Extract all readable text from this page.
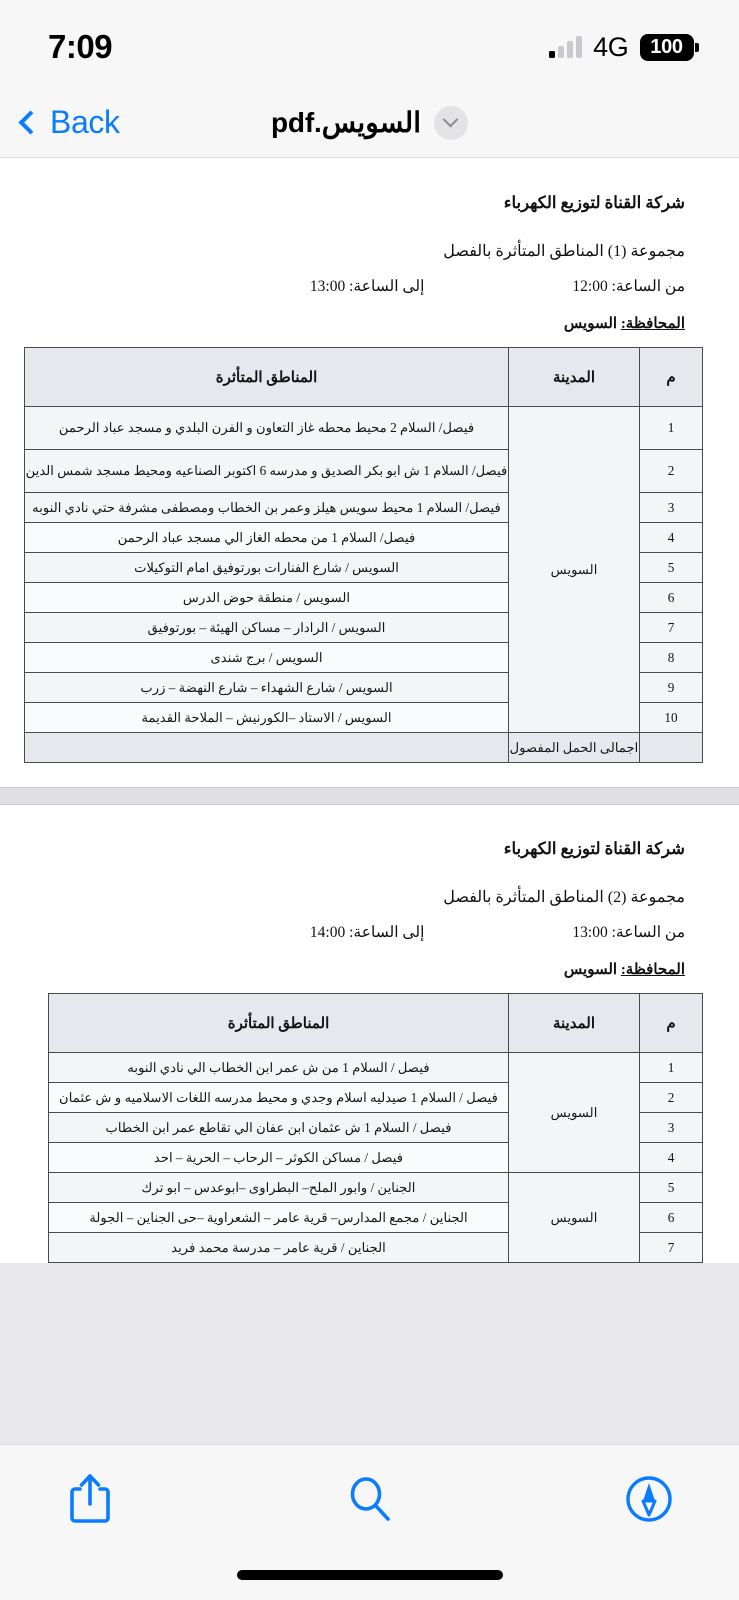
7:09	4G	100
Back	السويس.pdf
شركة القناة لتوزيع الكهرباء
مجموعة (1) المناطق المتأثرة بالفصل
من الساعة: 12:00
إلى الساعة: 13:00
المحافظة: السويس
م	المدينة	المناطق المتأثرة
1	السويس	فيصل/ السلام 2 محيط محطه غاز التعاون و الفرن البلدي و مسجد عباد الرحمن
2		فيصل/ السلام 1 ش ابو بكر الصديق و مدرسه 6 اكتوبر الصناعيه ومحيط مسجد شمس الدين
3		فيصل/ السلام 1 محيط سويس هيلز وعمر بن الخطاب ومصطفى مشرفة حتي نادي النوبه
4		فيصل/ السلام 1 من محطه الغاز الي مسجد عباد الرحمن
5		السويس / شارع الفنارات بورتوفيق امام التوكيلات
6		السويس / منطقة حوض الدرس
7		السويس / الرادار – مساكن الهيئة – بورتوفيق
8		السويس / برج شندى
9		السويس / شارع الشهداء – شارع النهضة – زرب
10		السويس / الاستاد –الكورنيش – الملاحة القديمة
	اجمالى الحمل المفصول	
شركة القناة لتوزيع الكهرباء
مجموعة (2) المناطق المتأثرة بالفصل
من الساعة: 13:00
إلى الساعة: 14:00
المحافظة: السويس
م	المدينة	المناطق المتأثرة
1	السويس	فيصل / السلام 1 من ش عمر ابن الخطاب الي نادي النوبه
2		فيصل / السلام 1 صيدليه اسلام وجدي و محيط مدرسه اللغات الاسلاميه و ش عثمان
3		فيصل / السلام 1 ش عثمان ابن عفان الي تقاطع عمر ابن الخطاب
4		فيصل / مساكن الكوثر – الرحاب – الحرية – احد
5	السويس	الجناين / وابور الملح– البطراوى –ابوعدس – ابو ترك
6		الجناين / مجمع المدارس– قرية عامر – الشعراوية –حى الجناين – الجولة
7		الجناين / قرية عامر – مدرسة محمد فريد
